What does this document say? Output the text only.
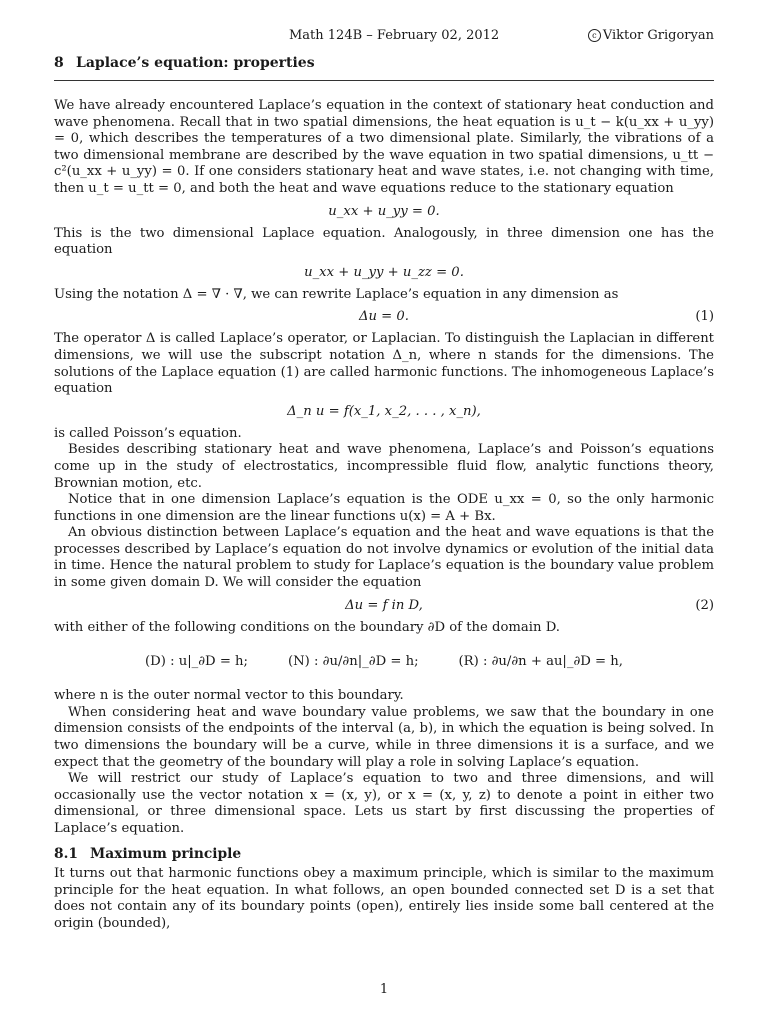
Math 124B – February 02, 2012	c Viktor Grigoryan
8 Laplace’s equation: properties

We have already encountered Laplace’s equation in the context of stationary heat conduction and wave phenomena. Recall that in two spatial dimensions, the heat equation is u_t − k(u_xx + u_yy) = 0, which describes the temperatures of a two dimensional plate. Similarly, the vibrations of a two dimensional membrane are described by the wave equation in two spatial dimensions, u_tt − c²(u_xx + u_yy) = 0. If one considers stationary heat and wave states, i.e. not changing with time, then u_t = u_tt = 0, and both the heat and wave equations reduce to the stationary equation

u_xx + u_yy = 0.

This is the two dimensional Laplace equation. Analogously, in three dimension one has the equation

u_xx + u_yy + u_zz = 0.

Using the notation Δ = ∇ · ∇, we can rewrite Laplace’s equation in any dimension as

Δu = 0.	(1)

The operator Δ is called Laplace’s operator, or Laplacian. To distinguish the Laplacian in different dimensions, we will use the subscript notation Δ_n, where n stands for the dimensions. The solutions of the Laplace equation (1) are called harmonic functions. The inhomogeneous Laplace’s equation

Δ_n u = f(x_1, x_2, . . . , x_n),

is called Poisson’s equation.

Besides describing stationary heat and wave phenomena, Laplace’s and Poisson’s equations come up in the study of electrostatics, incompressible fluid flow, analytic functions theory, Brownian motion, etc.

Notice that in one dimension Laplace’s equation is the ODE u_xx = 0, so the only harmonic functions in one dimension are the linear functions u(x) = A + Bx.

An obvious distinction between Laplace’s equation and the heat and wave equations is that the processes described by Laplace’s equation do not involve dynamics or evolution of the initial data in time. Hence the natural problem to study for Laplace’s equation is the boundary value problem in some given domain D. We will consider the equation

Δu = f in D,	(2)

with either of the following conditions on the boundary ∂D of the domain D.

(D) : u|_∂D = h;	(N) : ∂u/∂n|_∂D = h;	(R) : ∂u/∂n + au|_∂D = h,

where n is the outer normal vector to this boundary.

When considering heat and wave boundary value problems, we saw that the boundary in one dimension consists of the endpoints of the interval (a, b), in which the equation is being solved. In two dimensions the boundary will be a curve, while in three dimensions it is a surface, and we expect that the geometry of the boundary will play a role in solving Laplace’s equation.

We will restrict our study of Laplace’s equation to two and three dimensions, and will occasionally use the vector notation x = (x, y), or x = (x, y, z) to denote a point in either two dimensional, or three dimensional space. Lets us start by first discussing the properties of Laplace’s equation.

8.1 Maximum principle

It turns out that harmonic functions obey a maximum principle, which is similar to the maximum principle for the heat equation. In what follows, an open bounded connected set D is a set that does not contain any of its boundary points (open), entirely lies inside some ball centered at the origin (bounded),

1
